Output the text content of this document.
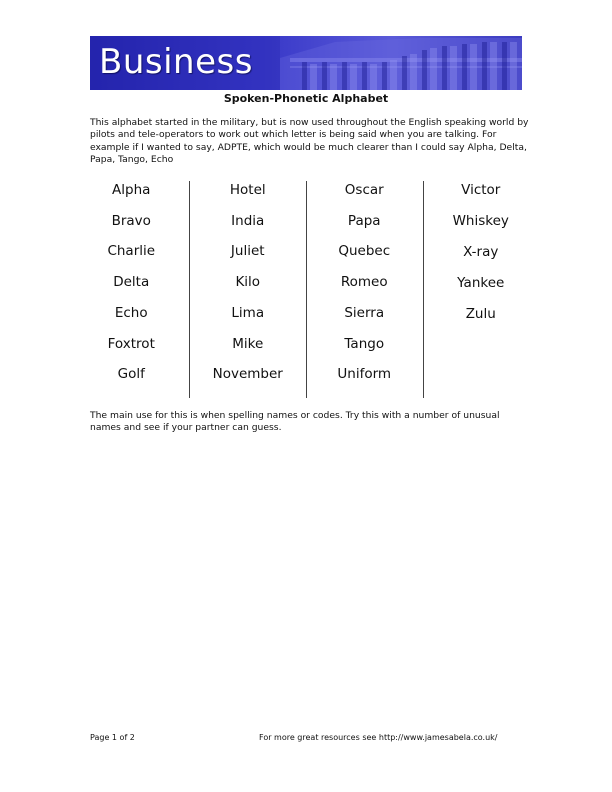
Business
Spoken-Phonetic Alphabet

This alphabet started in the military, but is now used throughout the English speaking world by pilots and tele-operators to work out which letter is being said when you are talking. For example if I wanted to say, ADPTE, which would be much clearer than I could say Alpha, Delta, Papa, Tango, Echo

Alpha
Bravo
Charlie
Delta
Echo
Foxtrot
Golf
Hotel
India
Juliet
Kilo
Lima
Mike
November
Oscar
Papa
Quebec
Romeo
Sierra
Tango
Uniform
Victor
Whiskey
X-ray
Yankee
Zulu

The main use for this is when spelling names or codes. Try this with a number of unusual names and see if your partner can guess.

Page 1 of 2	For more great resources see http://www.jamesabela.co.uk/
